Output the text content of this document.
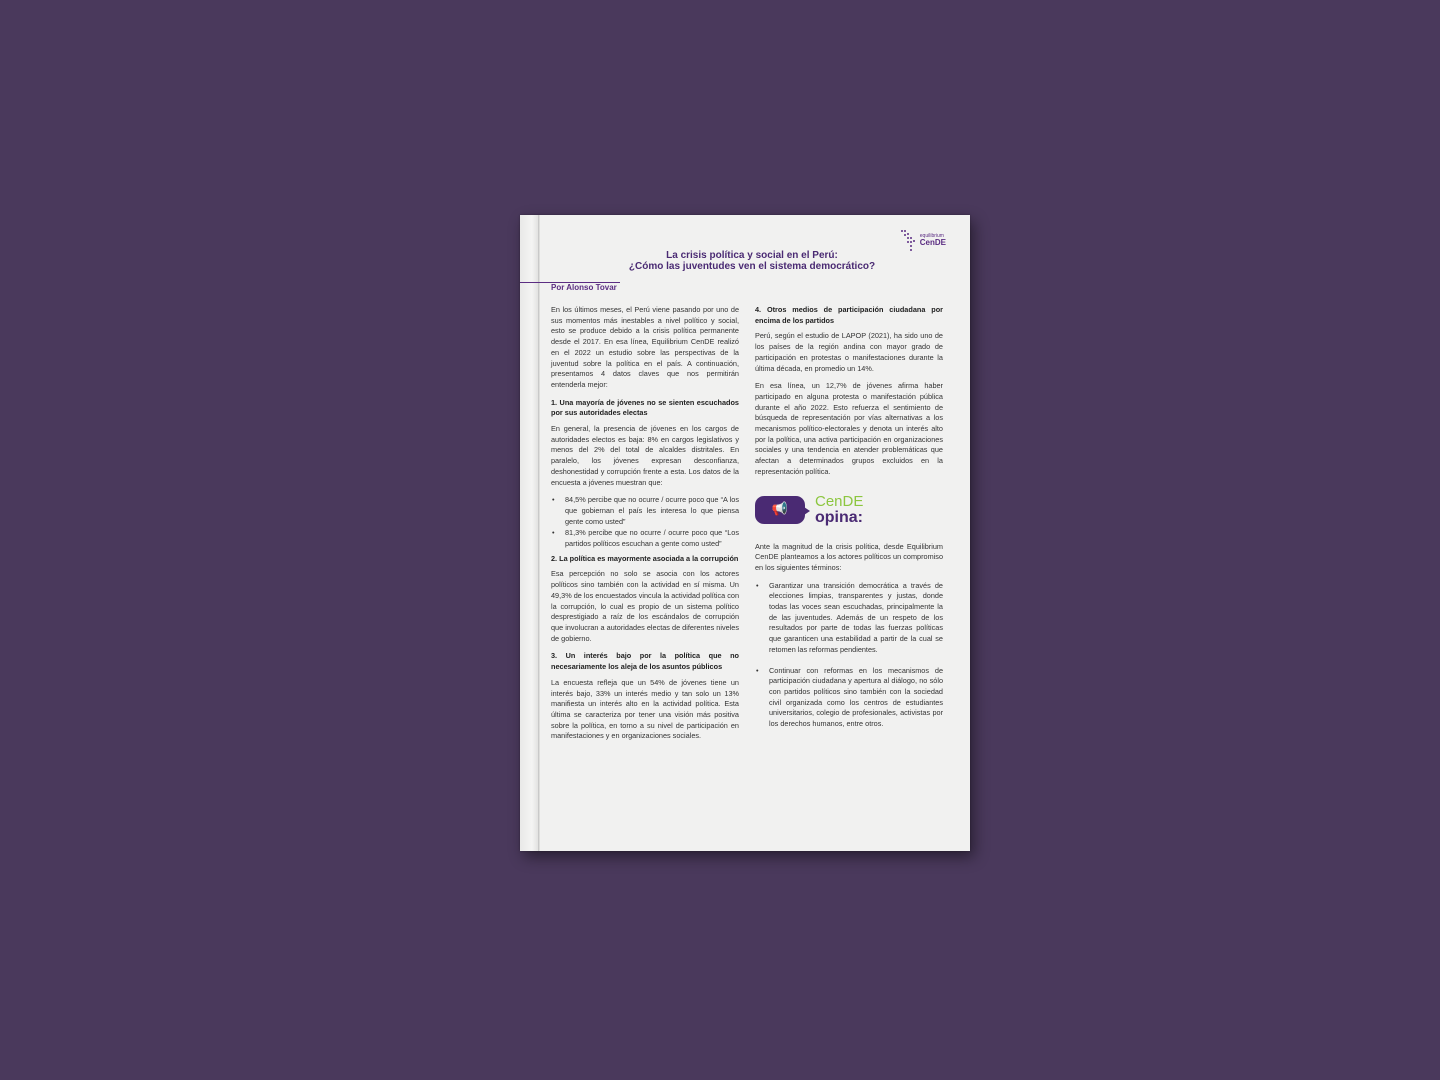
equilibrium
CenDE
La crisis política y social en el Perú:
¿Cómo las juventudes ven el sistema democrático?
Por Alonso Tovar

En los últimos meses, el Perú viene pasando por uno de sus momentos más inestables a nivel político y social, esto se produce debido a la crisis política permanente desde el 2017. En esa línea, Equilibrium CenDE realizó en el 2022 un estudio sobre las perspectivas de la juventud sobre la política en el país. A continuación, presentamos 4 datos claves que nos permitirán entenderla mejor:

1. Una mayoría de jóvenes no se sienten escuchados por sus autoridades electas

En general, la presencia de jóvenes en los cargos de autoridades electos es baja: 8% en cargos legislativos y menos del 2% del total de alcaldes distritales. En paralelo, los jóvenes expresan desconfianza, deshonestidad y corrupción frente a esta. Los datos de la encuesta a jóvenes muestran que:

• 84,5% percibe que no ocurre / ocurre poco que “A los que gobiernan el país les interesa lo que piensa gente como usted”
• 81,3% percibe que no ocurre / ocurre poco que “Los partidos políticos escuchan a gente como usted”
2. La política es mayormente asociada a la corrupción

Esa percepción no solo se asocia con los actores políticos sino también con la actividad en sí misma. Un 49,3% de los encuestados vincula la actividad política con la corrupción, lo cual es propio de un sistema político desprestigiado a raíz de los escándalos de corrupción que involucran a autoridades electas de diferentes niveles de gobierno.

3. Un interés bajo por la política que no necesariamente los aleja de los asuntos públicos

La encuesta refleja que un 54% de jóvenes tiene un interés bajo, 33% un interés medio y tan solo un 13% manifiesta un interés alto en la actividad política. Esta última se caracteriza por tener una visión más positiva sobre la política, en torno a su nivel de participación en manifestaciones y en organizaciones sociales.

4. Otros medios de participación ciudadana por encima de los partidos

Perú, según el estudio de LAPOP (2021), ha sido uno de los países de la región andina con mayor grado de participación en protestas o manifestaciones durante la última década, en promedio un 14%.

En esa línea, un 12,7% de jóvenes afirma haber participado en alguna protesta o manifestación pública durante el año 2022. Esto refuerza el sentimiento de búsqueda de representación por vías alternativas a los mecanismos político-electorales y denota un interés alto por la política, una activa participación en organizaciones sociales y una tendencia en atender problemáticas que afectan a determinados grupos excluidos en la representación política.

📢 CenDE
opina:

Ante la magnitud de la crisis política, desde Equilibrium CenDE planteamos a los actores políticos un compromiso en los siguientes términos:

• Garantizar una transición democrática a través de elecciones limpias, transparentes y justas, donde todas las voces sean escuchadas, principalmente la de las juventudes. Además de un respeto de los resultados por parte de todas las fuerzas políticas que garanticen una estabilidad a partir de la cual se retomen las reformas pendientes.
• Continuar con reformas en los mecanismos de participación ciudadana y apertura al diálogo, no sólo con partidos políticos sino también con la sociedad civil organizada como los centros de estudiantes universitarios, colegio de profesionales, activistas por los derechos humanos, entre otros.
